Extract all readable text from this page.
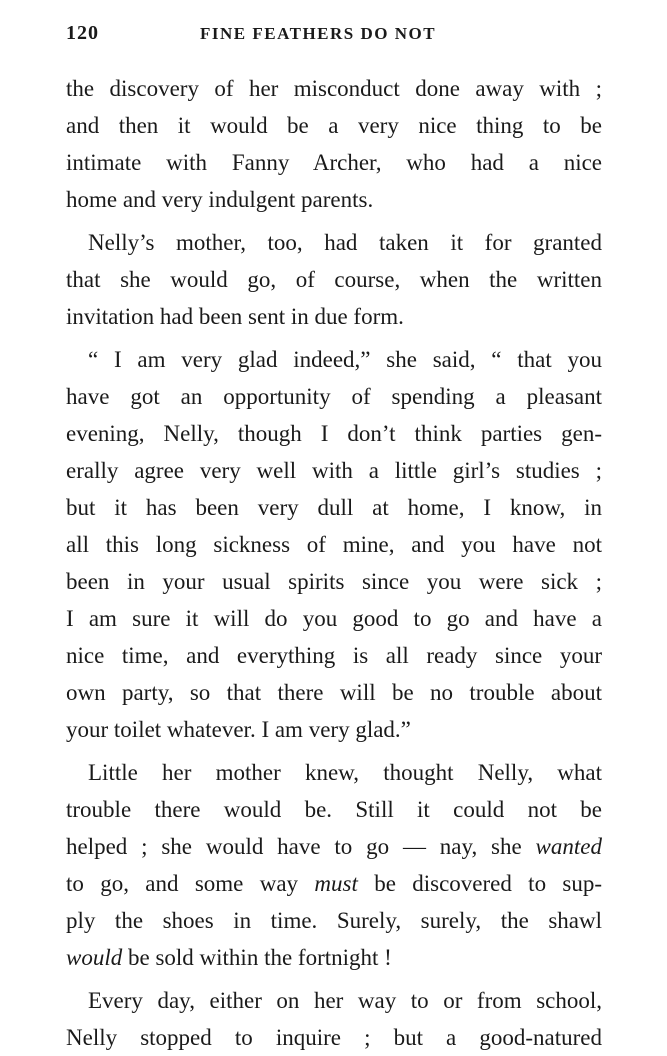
120	FINE FEATHERS DO NOT
the discovery of her misconduct done away with ;
and then it would be a very nice thing to be
intimate with Fanny Archer, who had a nice
home and very indulgent parents.
Nelly’s mother, too, had taken it for granted
that she would go, of course, when the written
invitation had been sent in due form.
“ I am very glad indeed,” she said, “ that you
have got an opportunity of spending a pleasant
evening, Nelly, though I don’t think parties gen-
erally agree very well with a little girl’s studies ;
but it has been very dull at home, I know, in
all this long sickness of mine, and you have not
been in your usual spirits since you were sick ;
I am sure it will do you good to go and have a
nice time, and everything is all ready since your
own party, so that there will be no trouble about
your toilet whatever. I am very glad.”
Little her mother knew, thought Nelly, what
trouble there would be. Still it could not be
helped ; she would have to go — nay, she wanted
to go, and some way must be discovered to sup-
ply the shoes in time. Surely, surely, the shawl
would be sold within the fortnight !
Every day, either on her way to or from school,
Nelly stopped to inquire ; but a good-natured
